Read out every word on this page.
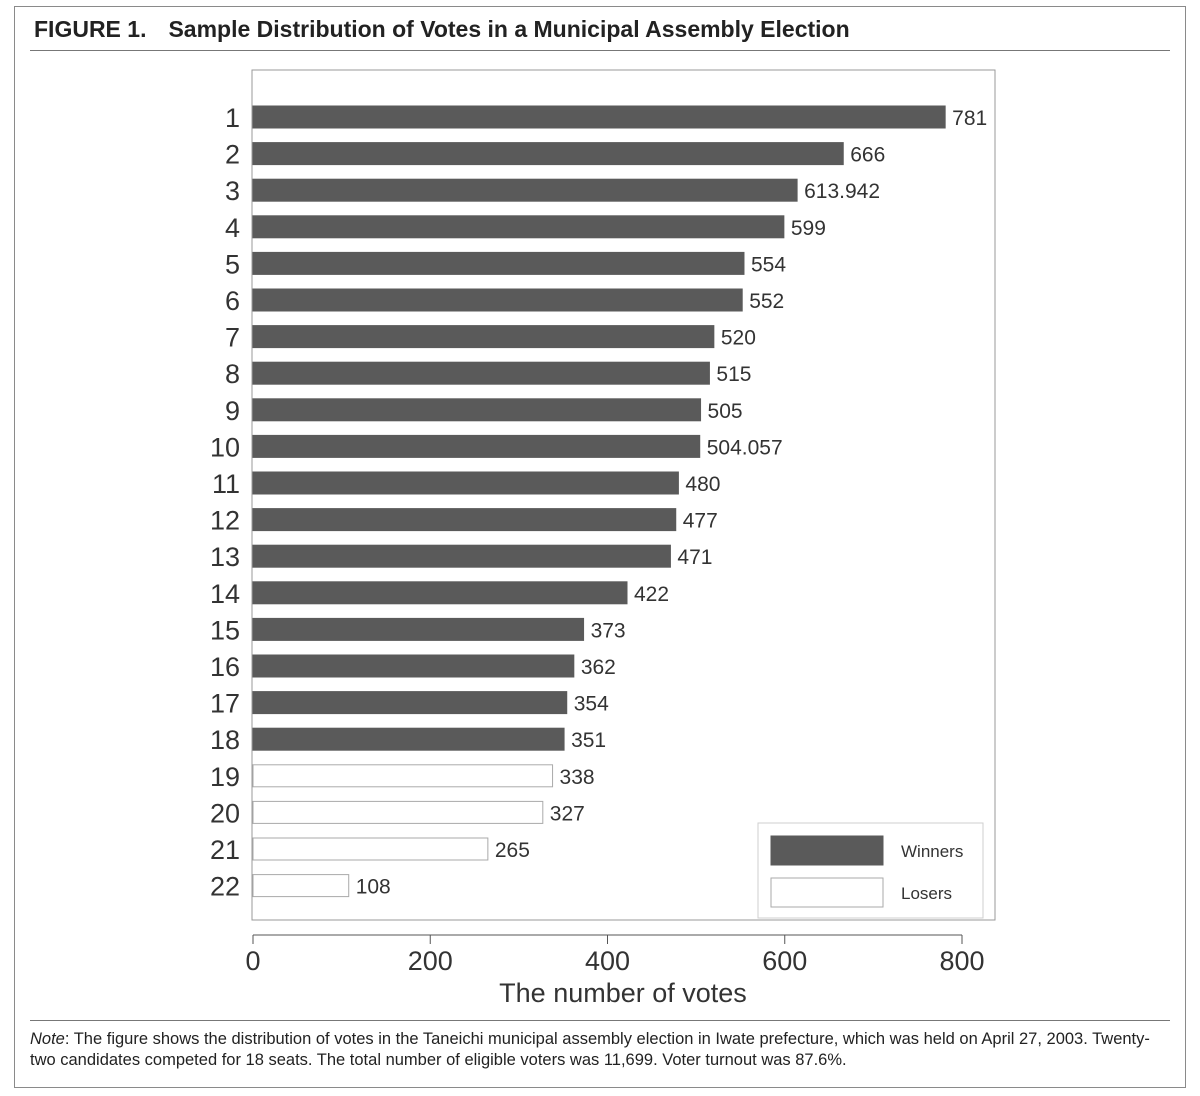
FIGURE 1. Sample Distribution of Votes in a Municipal Assembly Election
781
1
666
2
613.942
3
599
4
554
5
552
6
520
7
515
8
505
9
504.057
10
480
11
477
12
471
13
422
14
373
15
362
16
354
17
351
18
338
19
327
20
265
21
108
22
0	200	400	600	800
The number of votes
Winners
Losers
Note: The figure shows the distribution of votes in the Taneichi municipal assembly election in Iwate prefecture, which was held on April 27, 2003. Twenty-two candidates competed for 18 seats. The total number of eligible voters was 11,699. Voter turnout was 87.6%.
